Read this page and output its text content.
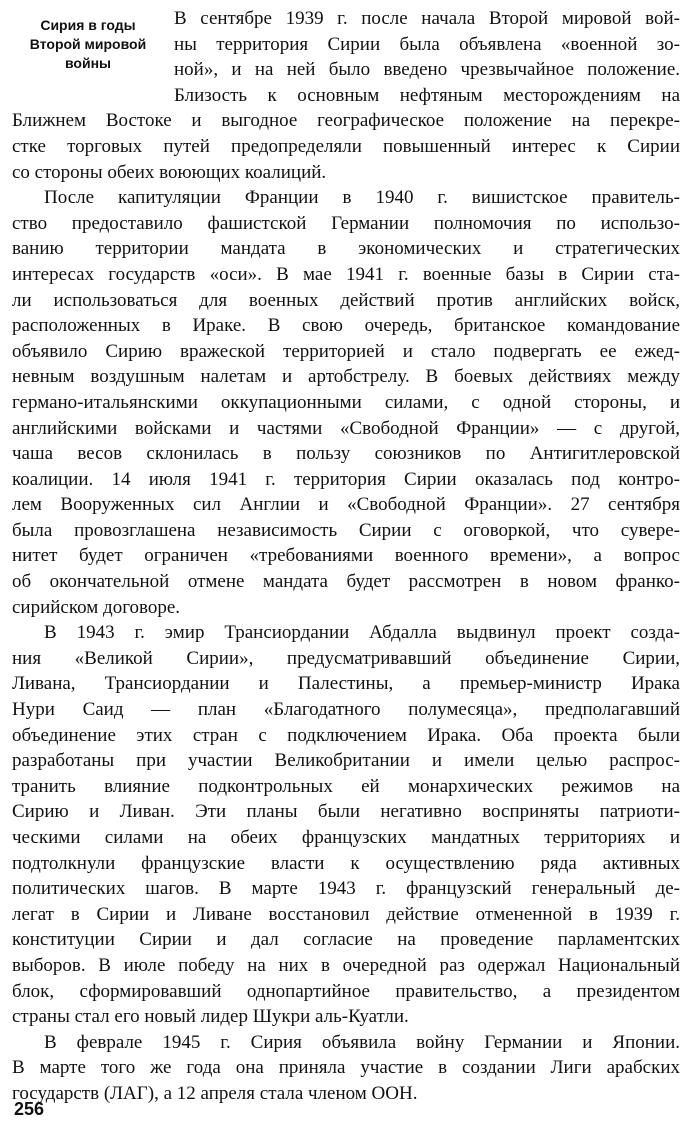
Сирия в годы
Второй мировой
войны
В сентябре 1939 г. после начала Второй мировой вой-
ны территория Сирии была объявлена «военной зо-
ной», и на ней было введено чрезвычайное положение.
Близость к основным нефтяным месторождениям на
Ближнем Востоке и выгодное географическое положение на перекре-
стке торговых путей предопределяли повышенный интерес к Сирии
со стороны обеих воюющих коалиций.
После капитуляции Франции в 1940 г. вишистское правитель-
ство предоставило фашистской Германии полномочия по использо-
ванию территории мандата в экономических и стратегических
интересах государств «оси». В мае 1941 г. военные базы в Сирии ста-
ли использоваться для военных действий против английских войск,
расположенных в Ираке. В свою очередь, британское командование
объявило Сирию вражеской территорией и стало подвергать ее ежед-
невным воздушным налетам и артобстрелу. В боевых действиях между
германо-итальянскими оккупационными силами, с одной стороны, и
английскими войсками и частями «Свободной Франции» — с другой,
чаша весов склонилась в пользу союзников по Антигитлеровской
коалиции. 14 июля 1941 г. территория Сирии оказалась под контро-
лем Вооруженных сил Англии и «Свободной Франции». 27 сентября
была провозглашена независимость Сирии с оговоркой, что сувере-
нитет будет ограничен «требованиями военного времени», а вопрос
об окончательной отмене мандата будет рассмотрен в новом франко-
сирийском договоре.
В 1943 г. эмир Трансиордании Абдалла выдвинул проект созда-
ния «Великой Сирии», предусматривавший объединение Сирии,
Ливана, Трансиордании и Палестины, а премьер-министр Ирака
Нури Саид — план «Благодатного полумесяца», предполагавший
объединение этих стран с подключением Ирака. Оба проекта были
разработаны при участии Великобритании и имели целью распрос-
транить влияние подконтрольных ей монархических режимов на
Сирию и Ливан. Эти планы были негативно восприняты патриоти-
ческими силами на обеих французских мандатных территориях и
подтолкнули французские власти к осуществлению ряда активных
политических шагов. В марте 1943 г. французский генеральный де-
легат в Сирии и Ливане восстановил действие отмененной в 1939 г.
конституции Сирии и дал согласие на проведение парламентских
выборов. В июле победу на них в очередной раз одержал Национальный
блок, сформировавший однопартийное правительство, а президентом
страны стал его новый лидер Шукри аль-Куатли.
В феврале 1945 г. Сирия объявила войну Германии и Японии.
В марте того же года она приняла участие в создании Лиги арабских
государств (ЛАГ), а 12 апреля стала членом ООН.
256
